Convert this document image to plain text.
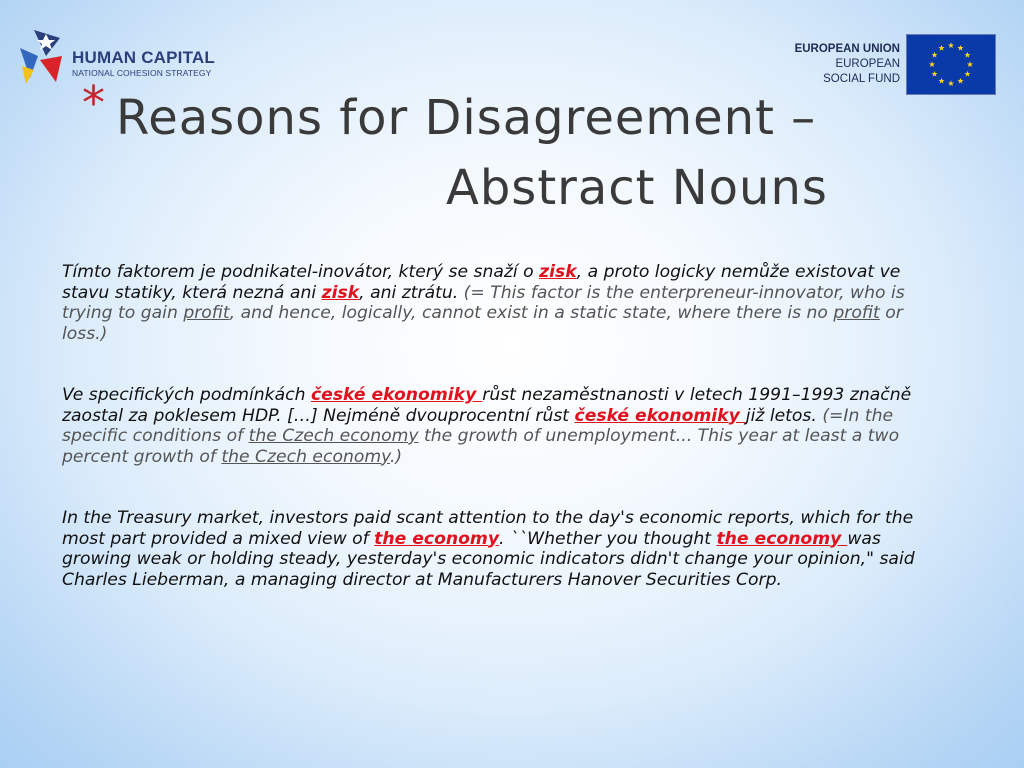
HUMAN CAPITAL
NATIONAL COHESION STRATEGY
EUROPEAN UNION
EUROPEAN
SOCIAL FUND
* Reasons for Disagreement –
Abstract Nouns

Tímto faktorem je podnikatel-inovátor, který se snaží o zisk, a proto logicky nemůže existovat ve stavu statiky, která nezná ani zisk, ani ztrátu. (= This factor is the enterpreneur-innovator, who is trying to gain profit, and hence, logically, cannot exist in a static state, where there is no profit or loss.)

Ve specifických podmínkách české ekonomiky růst nezaměstnanosti v letech 1991–1993 značně zaostal za poklesem HDP. […] Nejméně dvouprocentní růst české ekonomiky již letos. (=In the specific conditions of the Czech economy the growth of unemployment... This year at least a two percent growth of the Czech economy.)

In the Treasury market, investors paid scant attention to the day's economic reports, which for the most part provided a mixed view of the economy. ``Whether you thought the economy was growing weak or holding steady, yesterday's economic indicators didn't change your opinion," said Charles Lieberman, a managing director at Manufacturers Hanover Securities Corp.
